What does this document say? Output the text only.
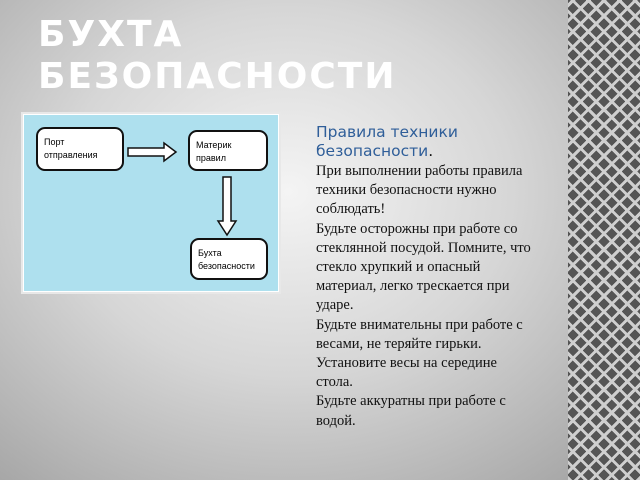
БУХТА
БЕЗОПАСНОСТИ
Порт
отправления
Материк
правил
Бухта
безопасности
Правила техники безопасности.

При выполнении работы правила техники безопасности нужно соблюдать!

Будьте осторожны при работе со стеклянной посудой. Помните, что стекло хрупкий и опасный материал, легко трескается при ударе.

Будьте внимательны при работе с весами, не теряйте гирьки. Установите весы на середине стола.

Будьте аккуратны при работе с водой.
